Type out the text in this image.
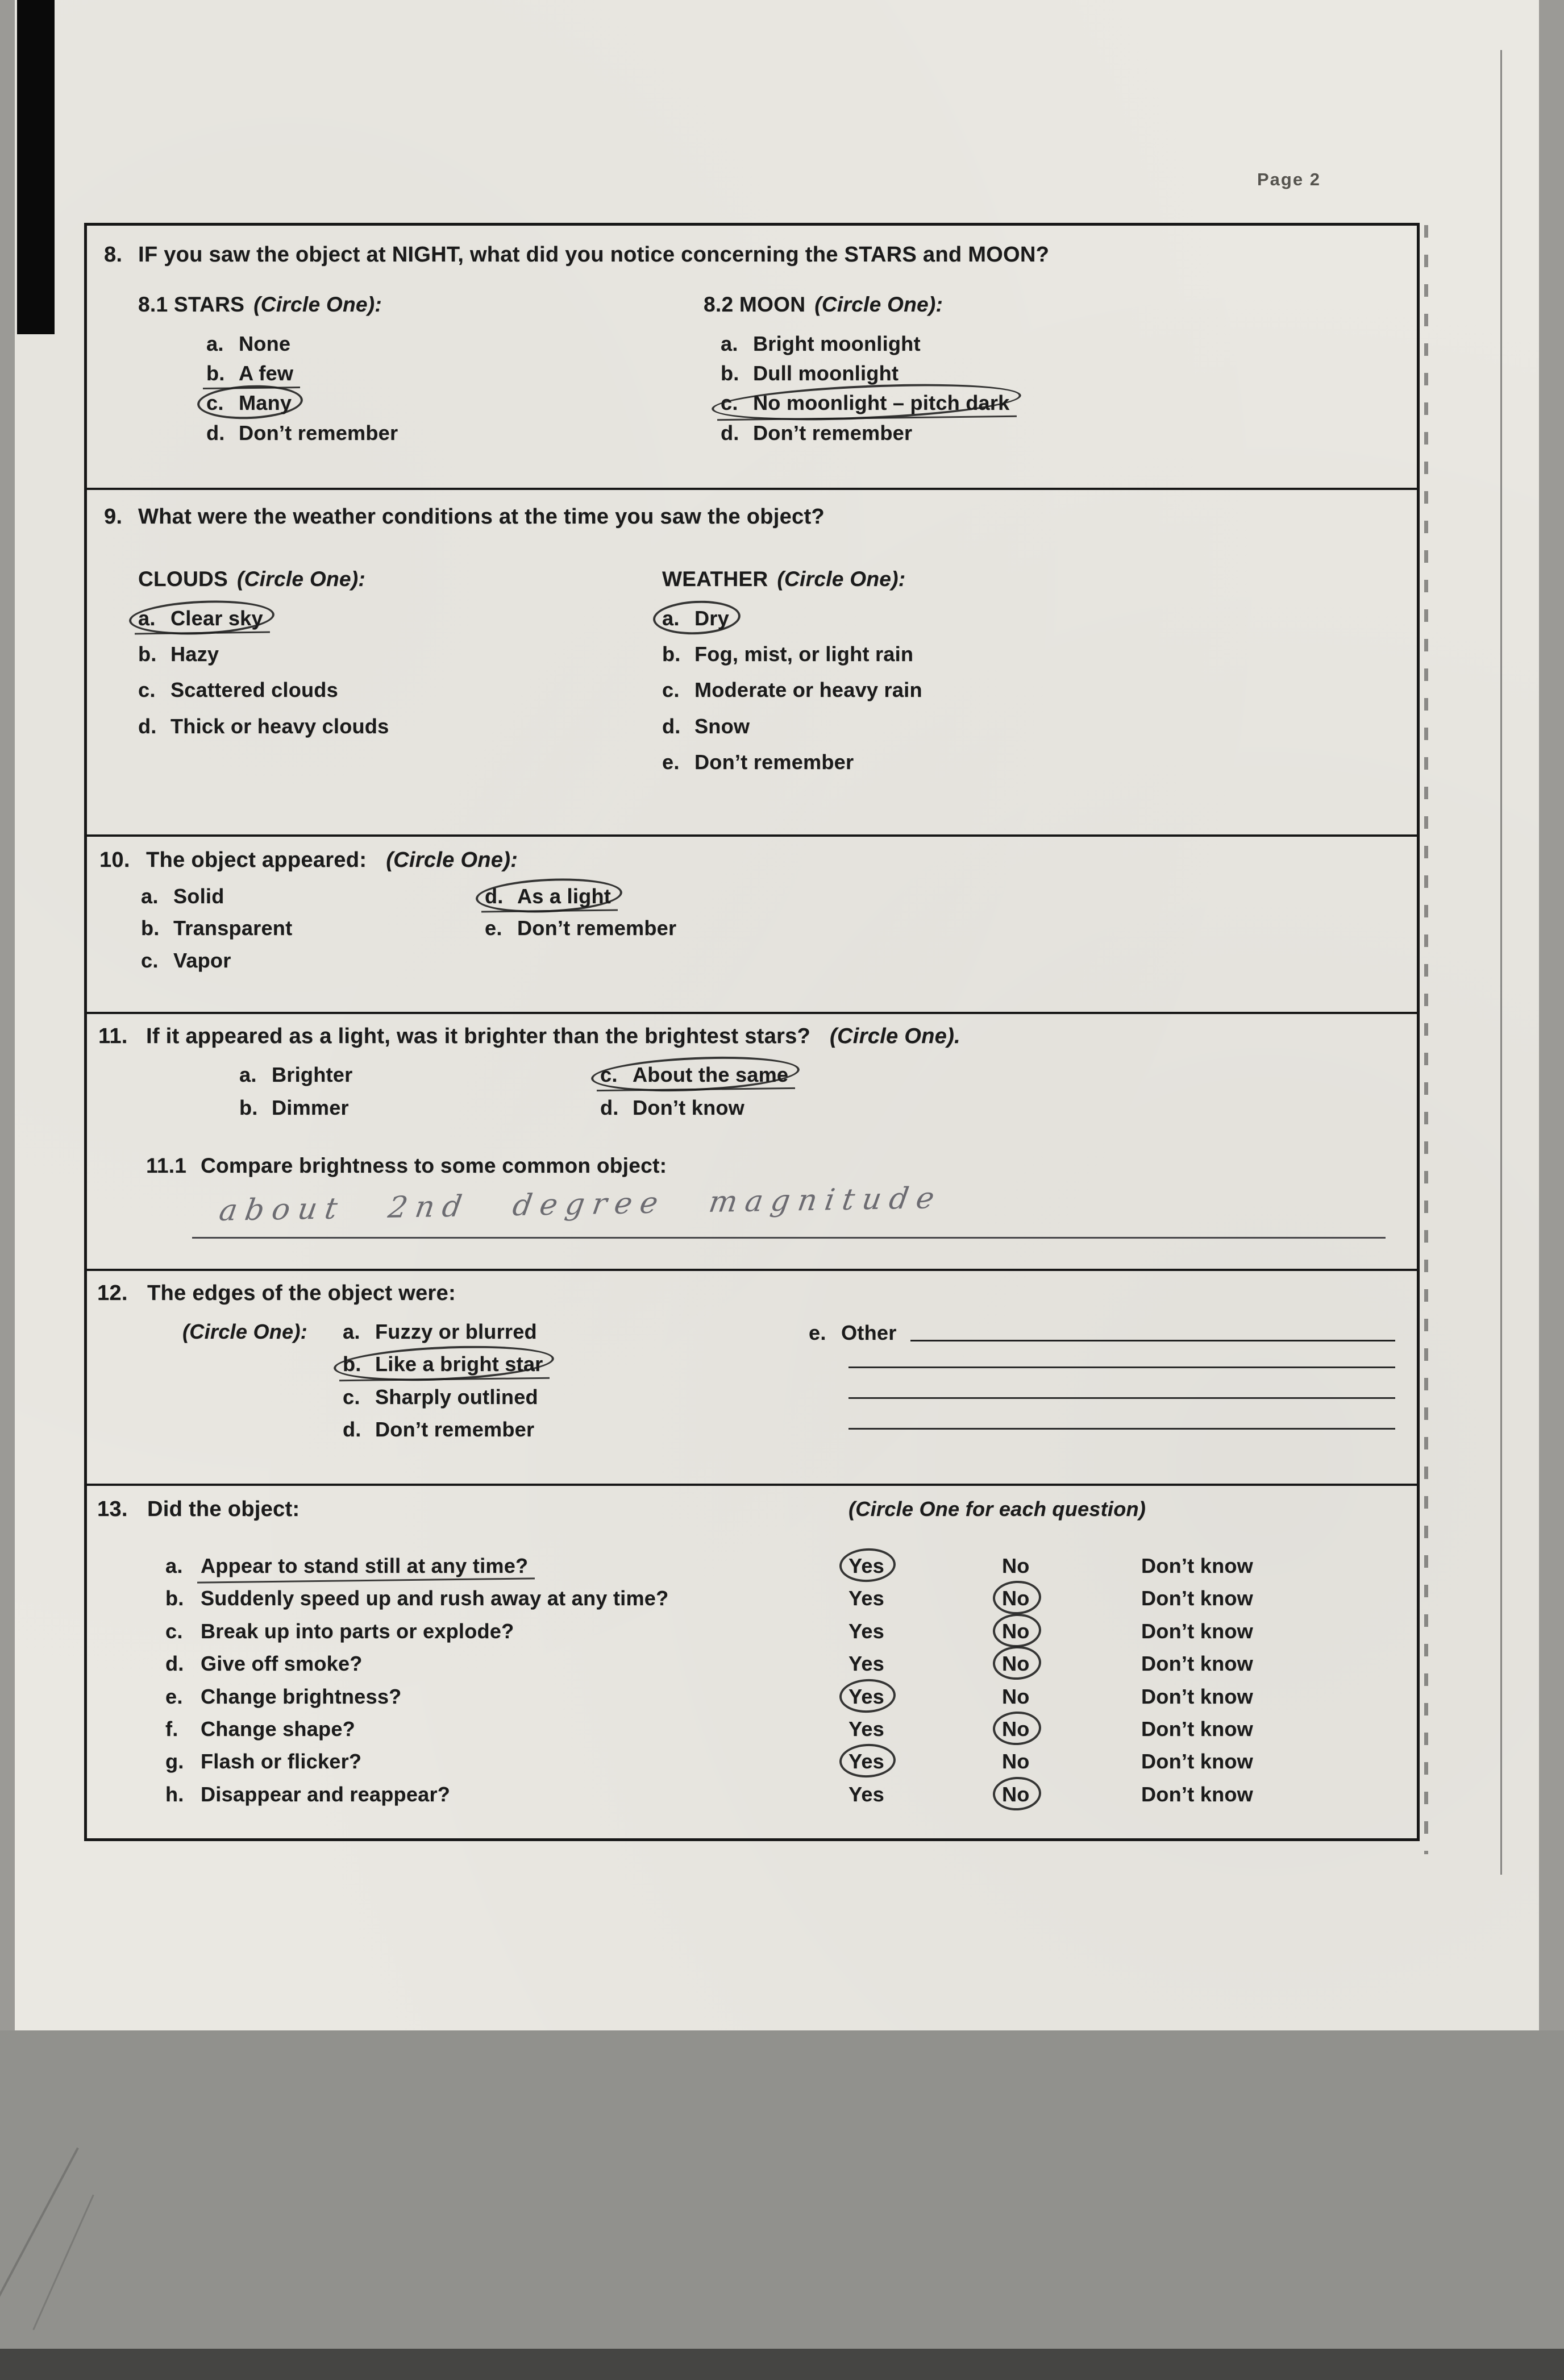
Page 2
8. IF you saw the object at NIGHT, what did you notice concerning the STARS and MOON?
8.1 STARS (Circle One):
a. None
b. A few
c. Many
d. Don’t remember
8.2 MOON (Circle One):
a. Bright moonlight
b. Dull moonlight
c. No moonlight – pitch dark
d. Don’t remember
9. What were the weather conditions at the time you saw the object?
CLOUDS (Circle One):
a. Clear sky
b. Hazy
c. Scattered clouds
d. Thick or heavy clouds
WEATHER (Circle One):
a. Dry
b. Fog, mist, or light rain
c. Moderate or heavy rain
d. Snow
e. Don’t remember
10. The object appeared: (Circle One):
a. Solid
b. Transparent
c. Vapor
d. As a light
e. Don’t remember
11. If it appeared as a light, was it brighter than the brightest stars? (Circle One).
a. Brighter
b. Dimmer
c. About the same
d. Don’t know
11.1 Compare brightness to some common object:
about 2nd degree magnitude
12. The edges of the object were:
(Circle One): a. Fuzzy or blurred
b. Like a bright star
c. Sharply outlined
d. Don’t remember
e. Other
13. Did the object:	(Circle One for each question)
a. Appear to stand still at any time?	Yes	No	Don’t know
b. Suddenly speed up and rush away at any time?	Yes	No	Don’t know
c. Break up into parts or explode?	Yes	No	Don’t know
d. Give off smoke?	Yes	No	Don’t know
e. Change brightness?	Yes	No	Don’t know
f.	Change shape?	Yes	No	Don’t know
g. Flash or flicker?	Yes	No	Don’t know
h. Disappear and reappear?	Yes	No	Don’t know
